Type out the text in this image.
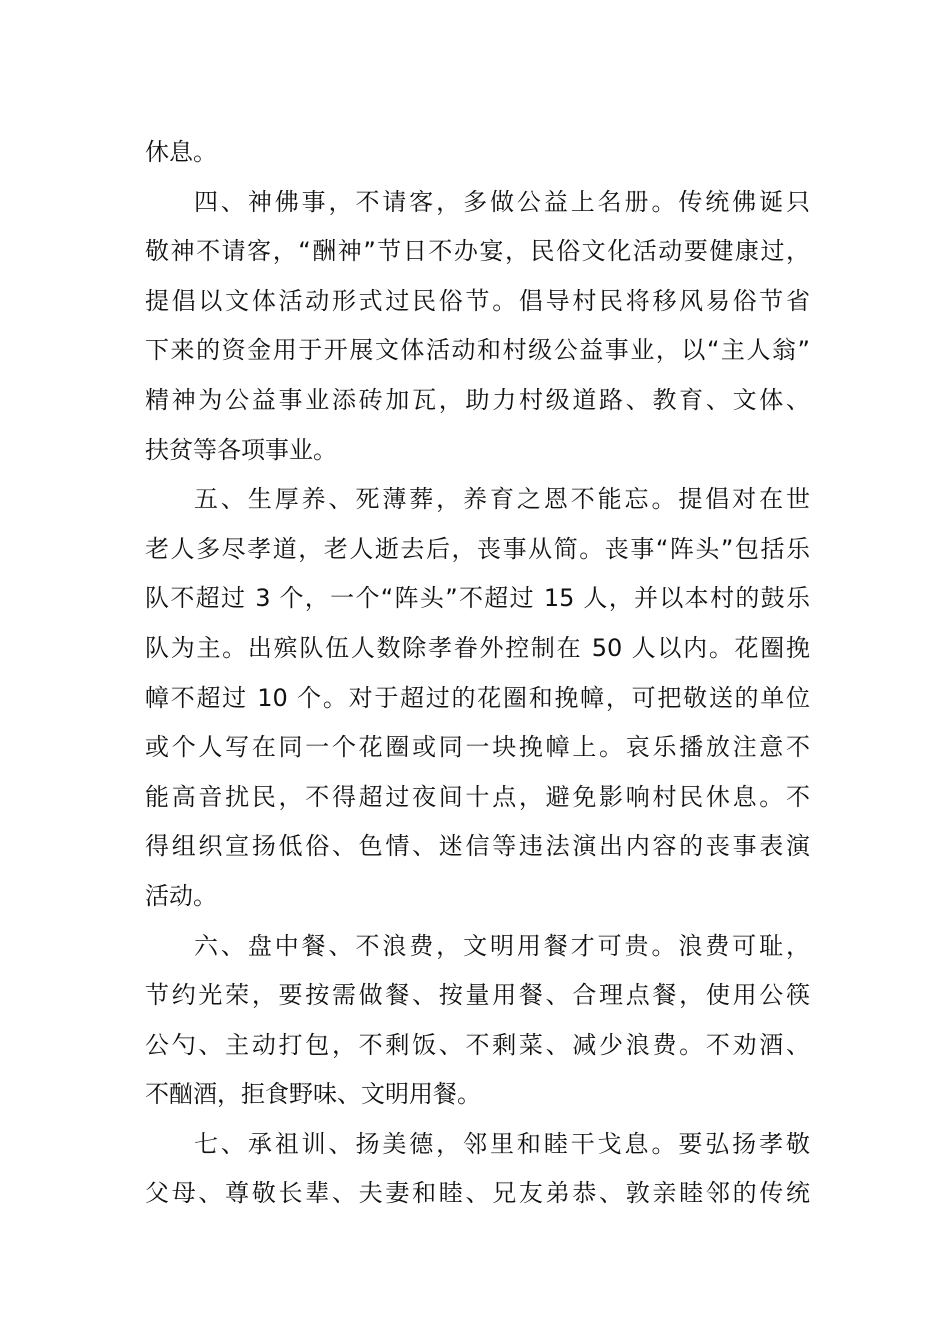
休息。
四、神佛事，不请客，多做公益上名册。传统佛诞只
敬神不请客，“酬神”节日不办宴，民俗文化活动要健康过，
提倡以文体活动形式过民俗节。倡导村民将移风易俗节省
下来的资金用于开展文体活动和村级公益事业，以“主人翁”
精神为公益事业添砖加瓦，助力村级道路、教育、文体、
扶贫等各项事业。
五、生厚养、死薄葬，养育之恩不能忘。提倡对在世
老人多尽孝道，老人逝去后，丧事从简。丧事“阵头”包括乐
队不超过 3 个，一个“阵头”不超过 15 人，并以本村的鼓乐
队为主。出殡队伍人数除孝眷外控制在 50 人以内。花圈挽
幛不超过 10 个。对于超过的花圈和挽幛，可把敬送的单位
或个人写在同一个花圈或同一块挽幛上。哀乐播放注意不
能高音扰民，不得超过夜间十点，避免影响村民休息。不
得组织宣扬低俗、色情、迷信等违法演出内容的丧事表演
活动。
六、盘中餐、不浪费，文明用餐才可贵。浪费可耻，
节约光荣，要按需做餐、按量用餐、合理点餐，使用公筷
公勺、主动打包，不剩饭、不剩菜、减少浪费。不劝酒、
不酗酒，拒食野味、文明用餐。
七、承祖训、扬美德，邻里和睦干戈息。要弘扬孝敬
父母、尊敬长辈、夫妻和睦、兄友弟恭、敦亲睦邻的传统
